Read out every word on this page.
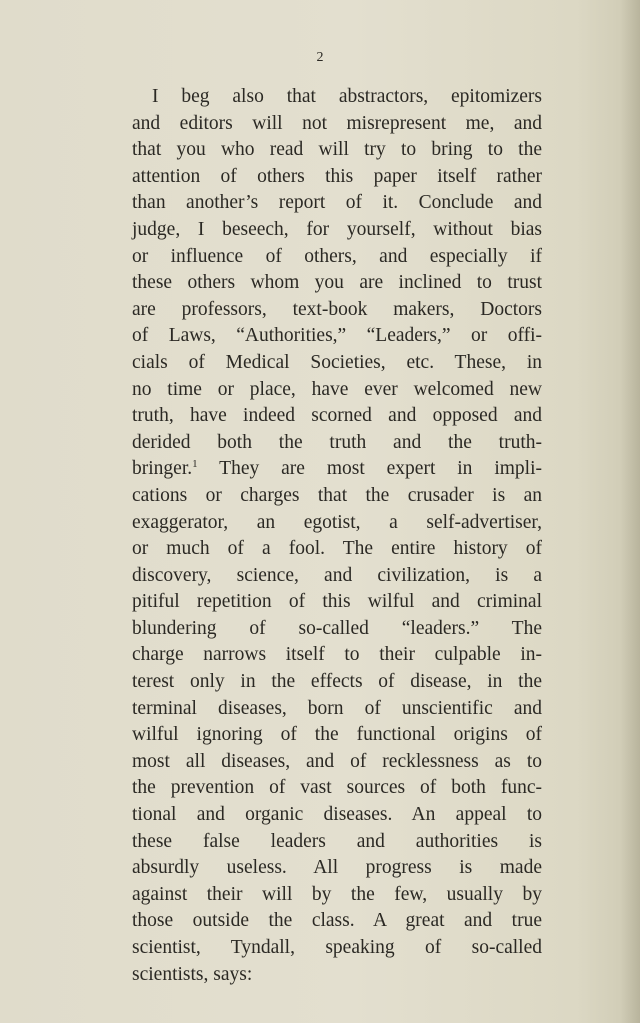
2
I beg also that abstractors, epitomizers
and editors will not misrepresent me, and
that you who read will try to bring to the
attention of others this paper itself rather
than another’s report of it. Conclude and
judge, I beseech, for yourself, without bias
or influence of others, and especially if
these others whom you are inclined to trust
are professors, text-book makers, Doctors
of Laws, “Authorities,” “Leaders,” or offi-
cials of Medical Societies, etc. These, in
no time or place, have ever welcomed new
truth, have indeed scorned and opposed and
derided both the truth and the truth-
bringer.$^1$ They are most expert in impli-
cations or charges that the crusader is an
exaggerator, an egotist, a self-advertiser,
or much of a fool. The entire history of
discovery, science, and civilization, is a
pitiful repetition of this wilful and criminal
blundering of so-called “leaders.” The
charge narrows itself to their culpable in-
terest only in the effects of disease, in the
terminal diseases, born of unscientific and
wilful ignoring of the functional origins of
most all diseases, and of recklessness as to
the prevention of vast sources of both func-
tional and organic diseases. An appeal to
these false leaders and authorities is
absurdly useless. All progress is made
against their will by the few, usually by
those outside the class. A great and true
scientist, Tyndall, speaking of so-called
scientists, says:
